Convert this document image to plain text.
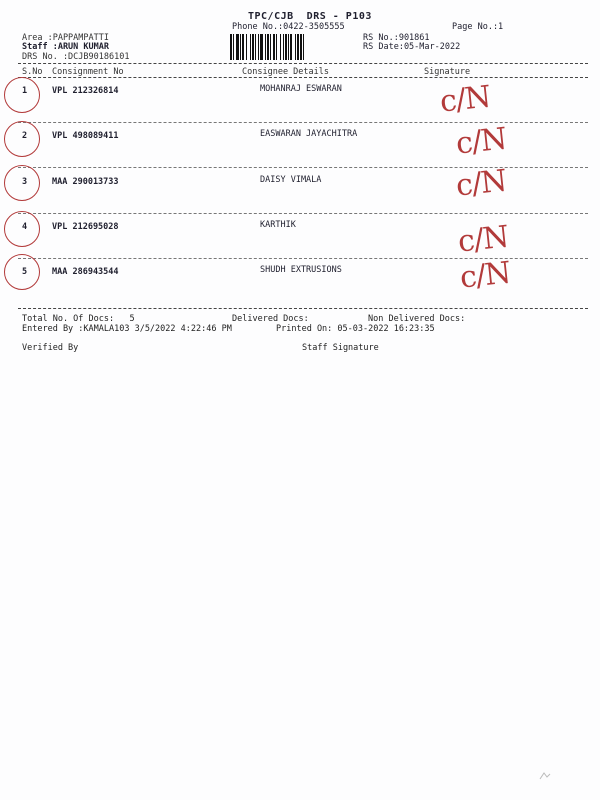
TPC/CJB  DRS - P103
Phone No.:0422-3505555	Page No.:1
Area :PAPPAMPATTI
Staff :ARUN KUMAR
DRS No. :DCJB90186101
RS No.:901861
RS Date:05-Mar-2022
S.No Consignment No	Consignee Details	Signature
1	VPL 212326814	MOHANRAJ ESWARAN	c/N
2	VPL 498089411	EASWARAN JAYACHITRA	c/N
3	MAA 290013733	DAISY VIMALA	c/N
4	VPL 212695028	KARTHIK	c/N
5	MAA 286943544	SHUDH EXTRUSIONS	c/N
Total No. Of Docs:   5	Delivered Docs:	Non Delivered Docs:
Entered By :KAMALA103 3/5/2022 4:22:46 PM	Printed On: 05-03-2022 16:23:35
Verified By	Staff Signature
